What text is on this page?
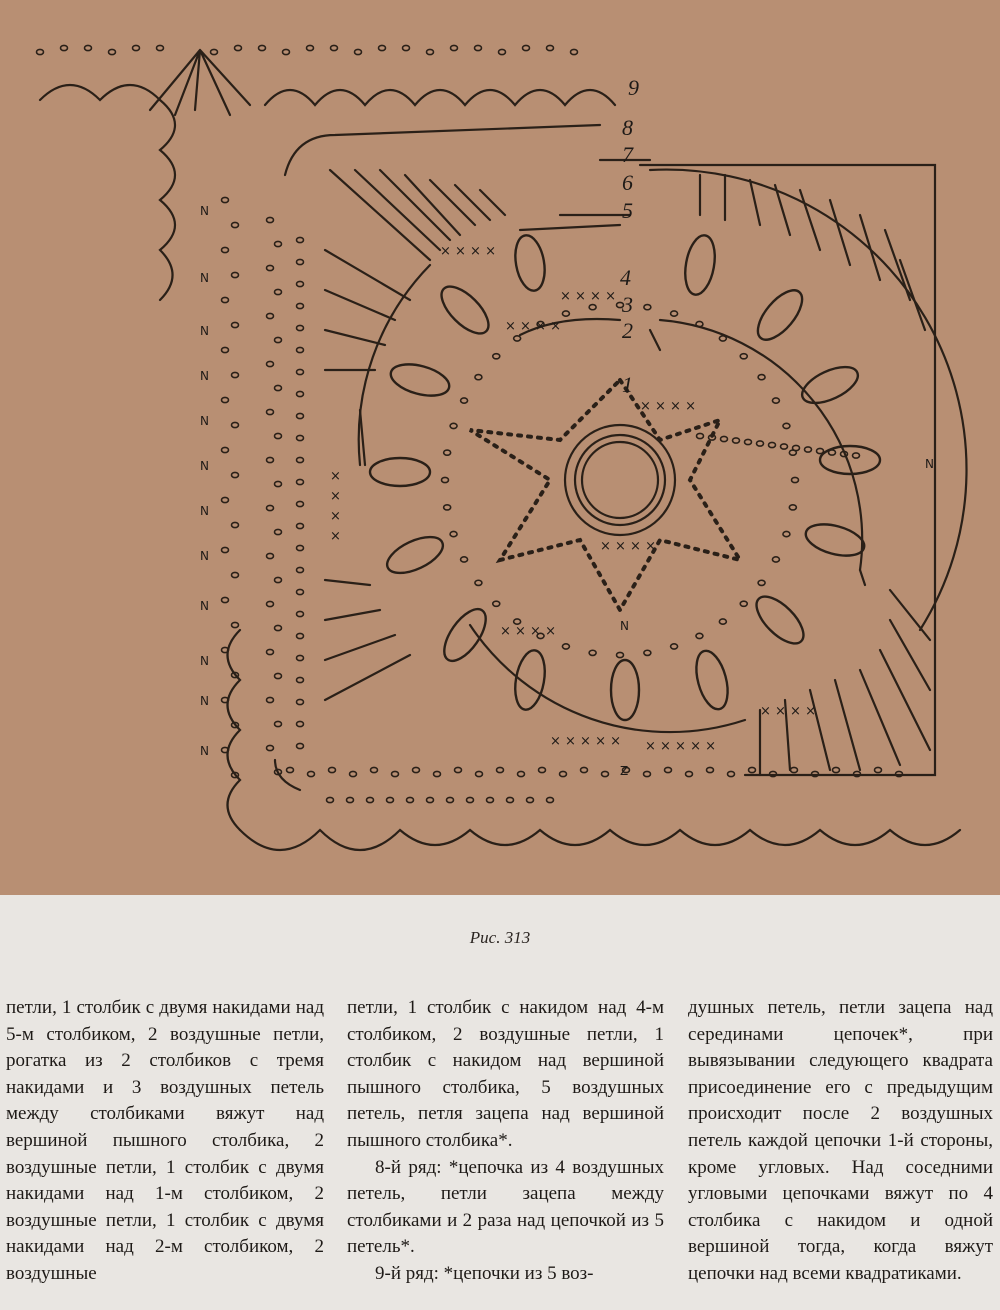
9
8
7
6
5
4
3
2
1
× × × ×
× × × ×
× × × ×
× × × ×
× × × ×
× × × ×
× × × × × × × × × ×
× × × ×
×
×
×
×
N
N
N
N
N
N
N
N
N
N
N
N
N
N
Z
Рис. 313

петли, 1 столбик с двумя накидами над 5-м столбиком, 2 воздушные петли, рогатка из 2 столбиков с тремя накидами и 3 воздушных петель между столбиками вяжут над вершиной пышного столбика, 2 воздушные петли, 1 столбик с двумя накидами над 1-м столбиком, 2 воздушные петли, 1 столбик с двумя накидами над 2-м столбиком, 2 воздушные

петли, 1 столбик с накидом над 4-м столбиком, 2 воздушные петли, 1 столбик с накидом над вершиной пышного столбика, 5 воздушных петель, петля зацепа над вершиной пышного столбика*.

8-й ряд: *цепочка из 4 воздушных петель, петли зацепа между столбиками и 2 раза над цепочкой из 5 петель*.

9-й ряд: *цепочки из 5 воз-

душных петель, петли зацепа над серединами цепочек*, при вывязывании следующего квадрата присоединение его с предыдущим происходит после 2 воздушных петель каждой цепочки 1-й стороны, кроме угловых. Над соседними угловыми цепочками вяжут по 4 столбика с накидом и одной вершиной тогда, когда вяжут цепочки над всеми квадратиками.
